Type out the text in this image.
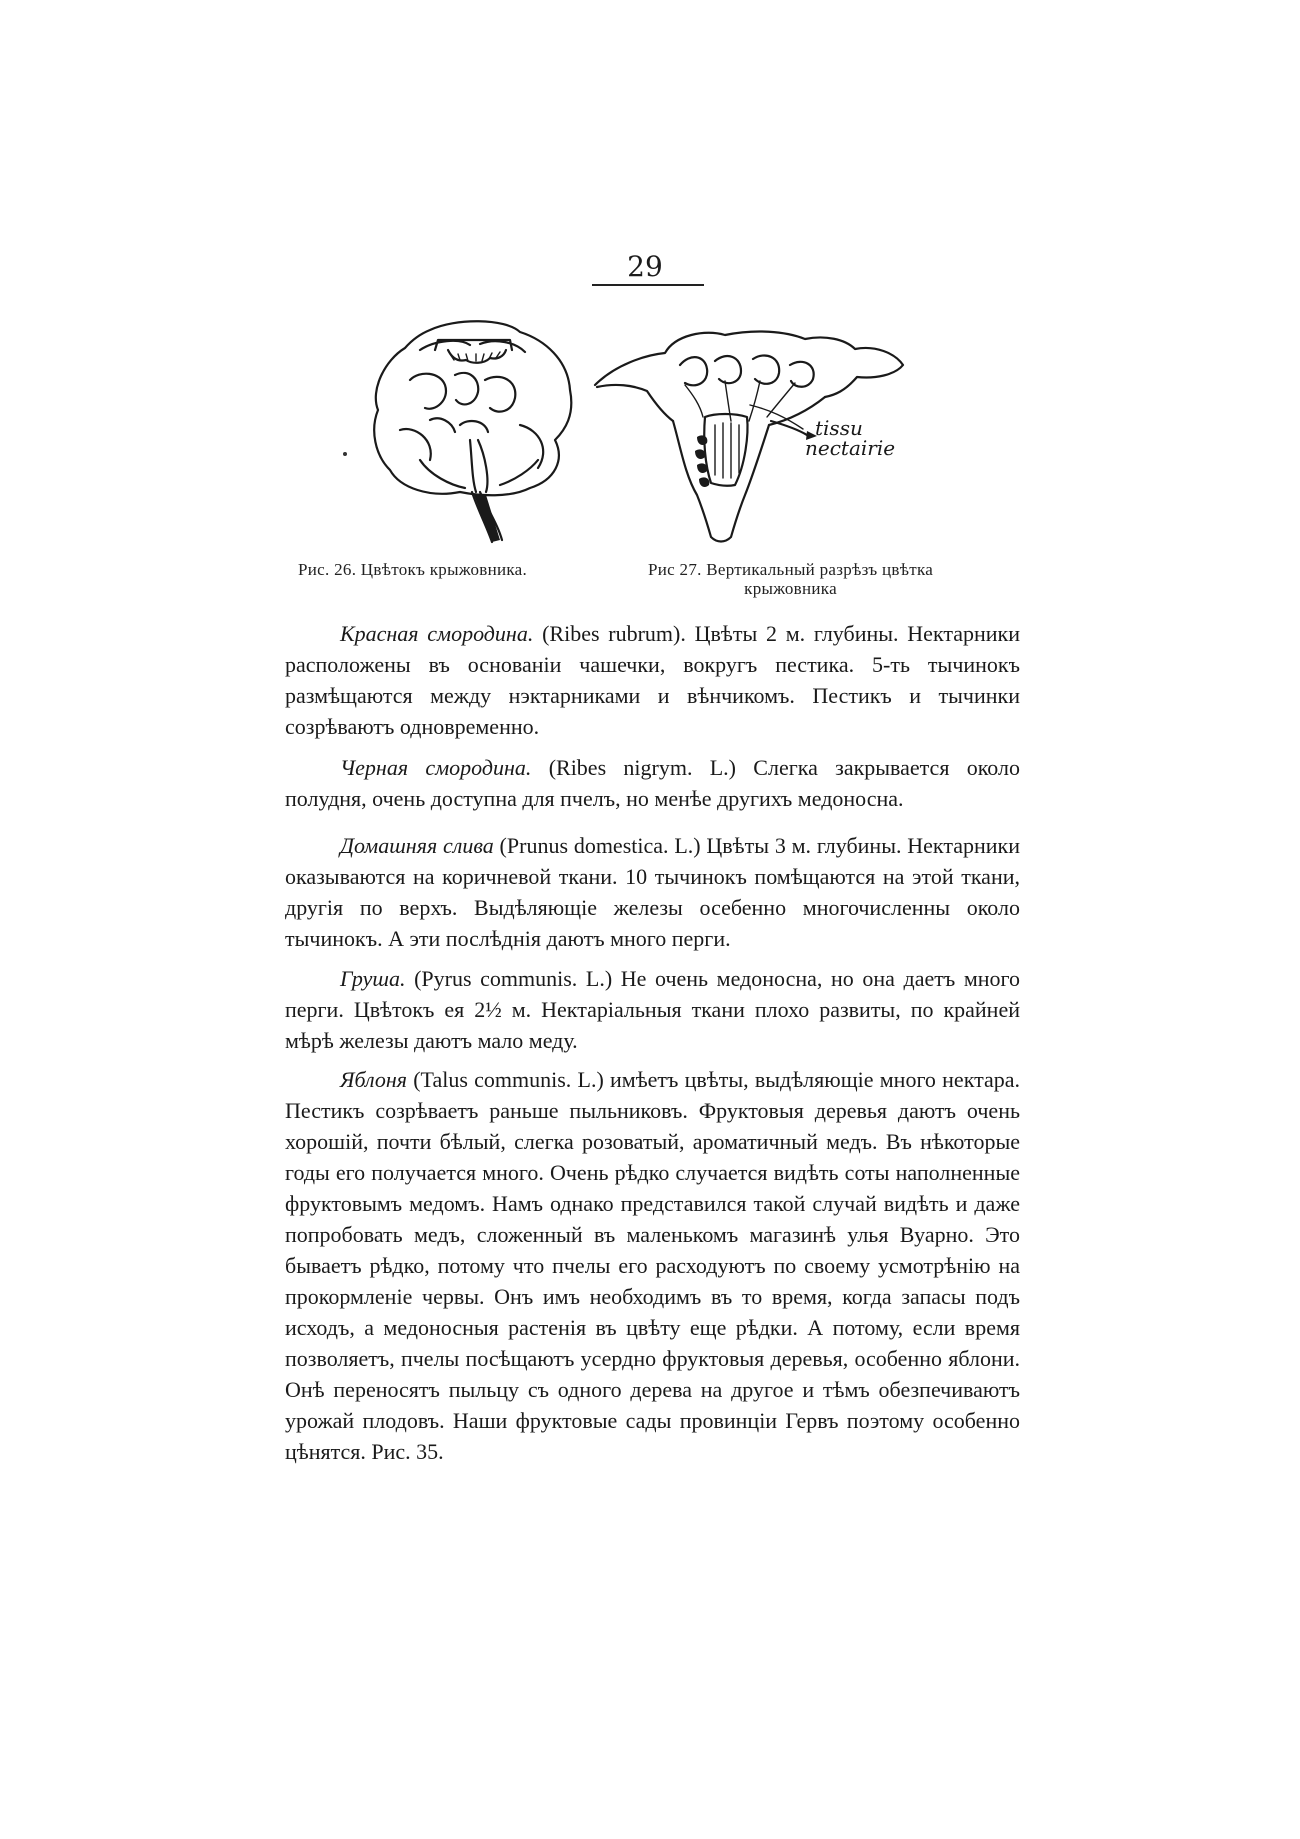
29
tissu
nectairie
Рис. 26. Цвѣтокъ крыжовника.	Рис 27. Вертикальный разрѣзъ цвѣтка
крыжовника

Красная смородина. (Ribes rubrum). Цвѣты 2 м. глубины. Нектарники расположены въ основаніи чашечки, вокругъ пестика. 5-ть тычинокъ размѣщаются между нэктарниками и вѣнчикомъ. Пестикъ и тычинки созрѣваютъ одновременно.

Черная смородина. (Ribes nigrym. L.) Слегка закрывается около полудня, очень доступна для пчелъ, но менѣе другихъ медоносна.

Домашняя слива (Prunus domestica. L.) Цвѣты 3 м. глубины. Нектарники оказываются на коричневой ткани. 10 тычинокъ помѣщаются на этой ткани, другія по верхъ. Выдѣляющіе железы осебенно многочисленны около тычинокъ. А эти послѣднія даютъ много перги.

Груша. (Pyrus communis. L.) Не очень медоносна, но она даетъ много перги. Цвѣтокъ ея 2½ м. Нектаріальныя ткани плохо развиты, по крайней мѣрѣ железы даютъ мало меду.

Яблоня (Talus communis. L.) имѣетъ цвѣты, выдѣляющіе много нектара. Пестикъ созрѣваетъ раньше пыльниковъ. Фруктовыя деревья даютъ очень хорошій, почти бѣлый, слегка розоватый, ароматичный медъ. Въ нѣкоторые годы его получается много. Очень рѣдко случается видѣть соты наполненные фруктовымъ медомъ. Намъ однако представился такой случай видѣть и даже попробовать медъ, сложенный въ маленькомъ магазинѣ улья Вуарно. Это бываетъ рѣдко, потому что пчелы его расходуютъ по своему усмотрѣнію на прокормленіе червы. Онъ имъ необходимъ въ то время, когда запасы подъ исходъ, а медоносныя растенія въ цвѣту еще рѣдки. А потому, если время позволяетъ, пчелы посѣщаютъ усердно фруктовыя деревья, особенно яблони. Онѣ переносятъ пыльцу съ одного дерева на другое и тѣмъ обезпечиваютъ урожай плодовъ. Наши фруктовые сады провинціи Гервъ поэтому особенно цѣнятся. Рис. 35.
